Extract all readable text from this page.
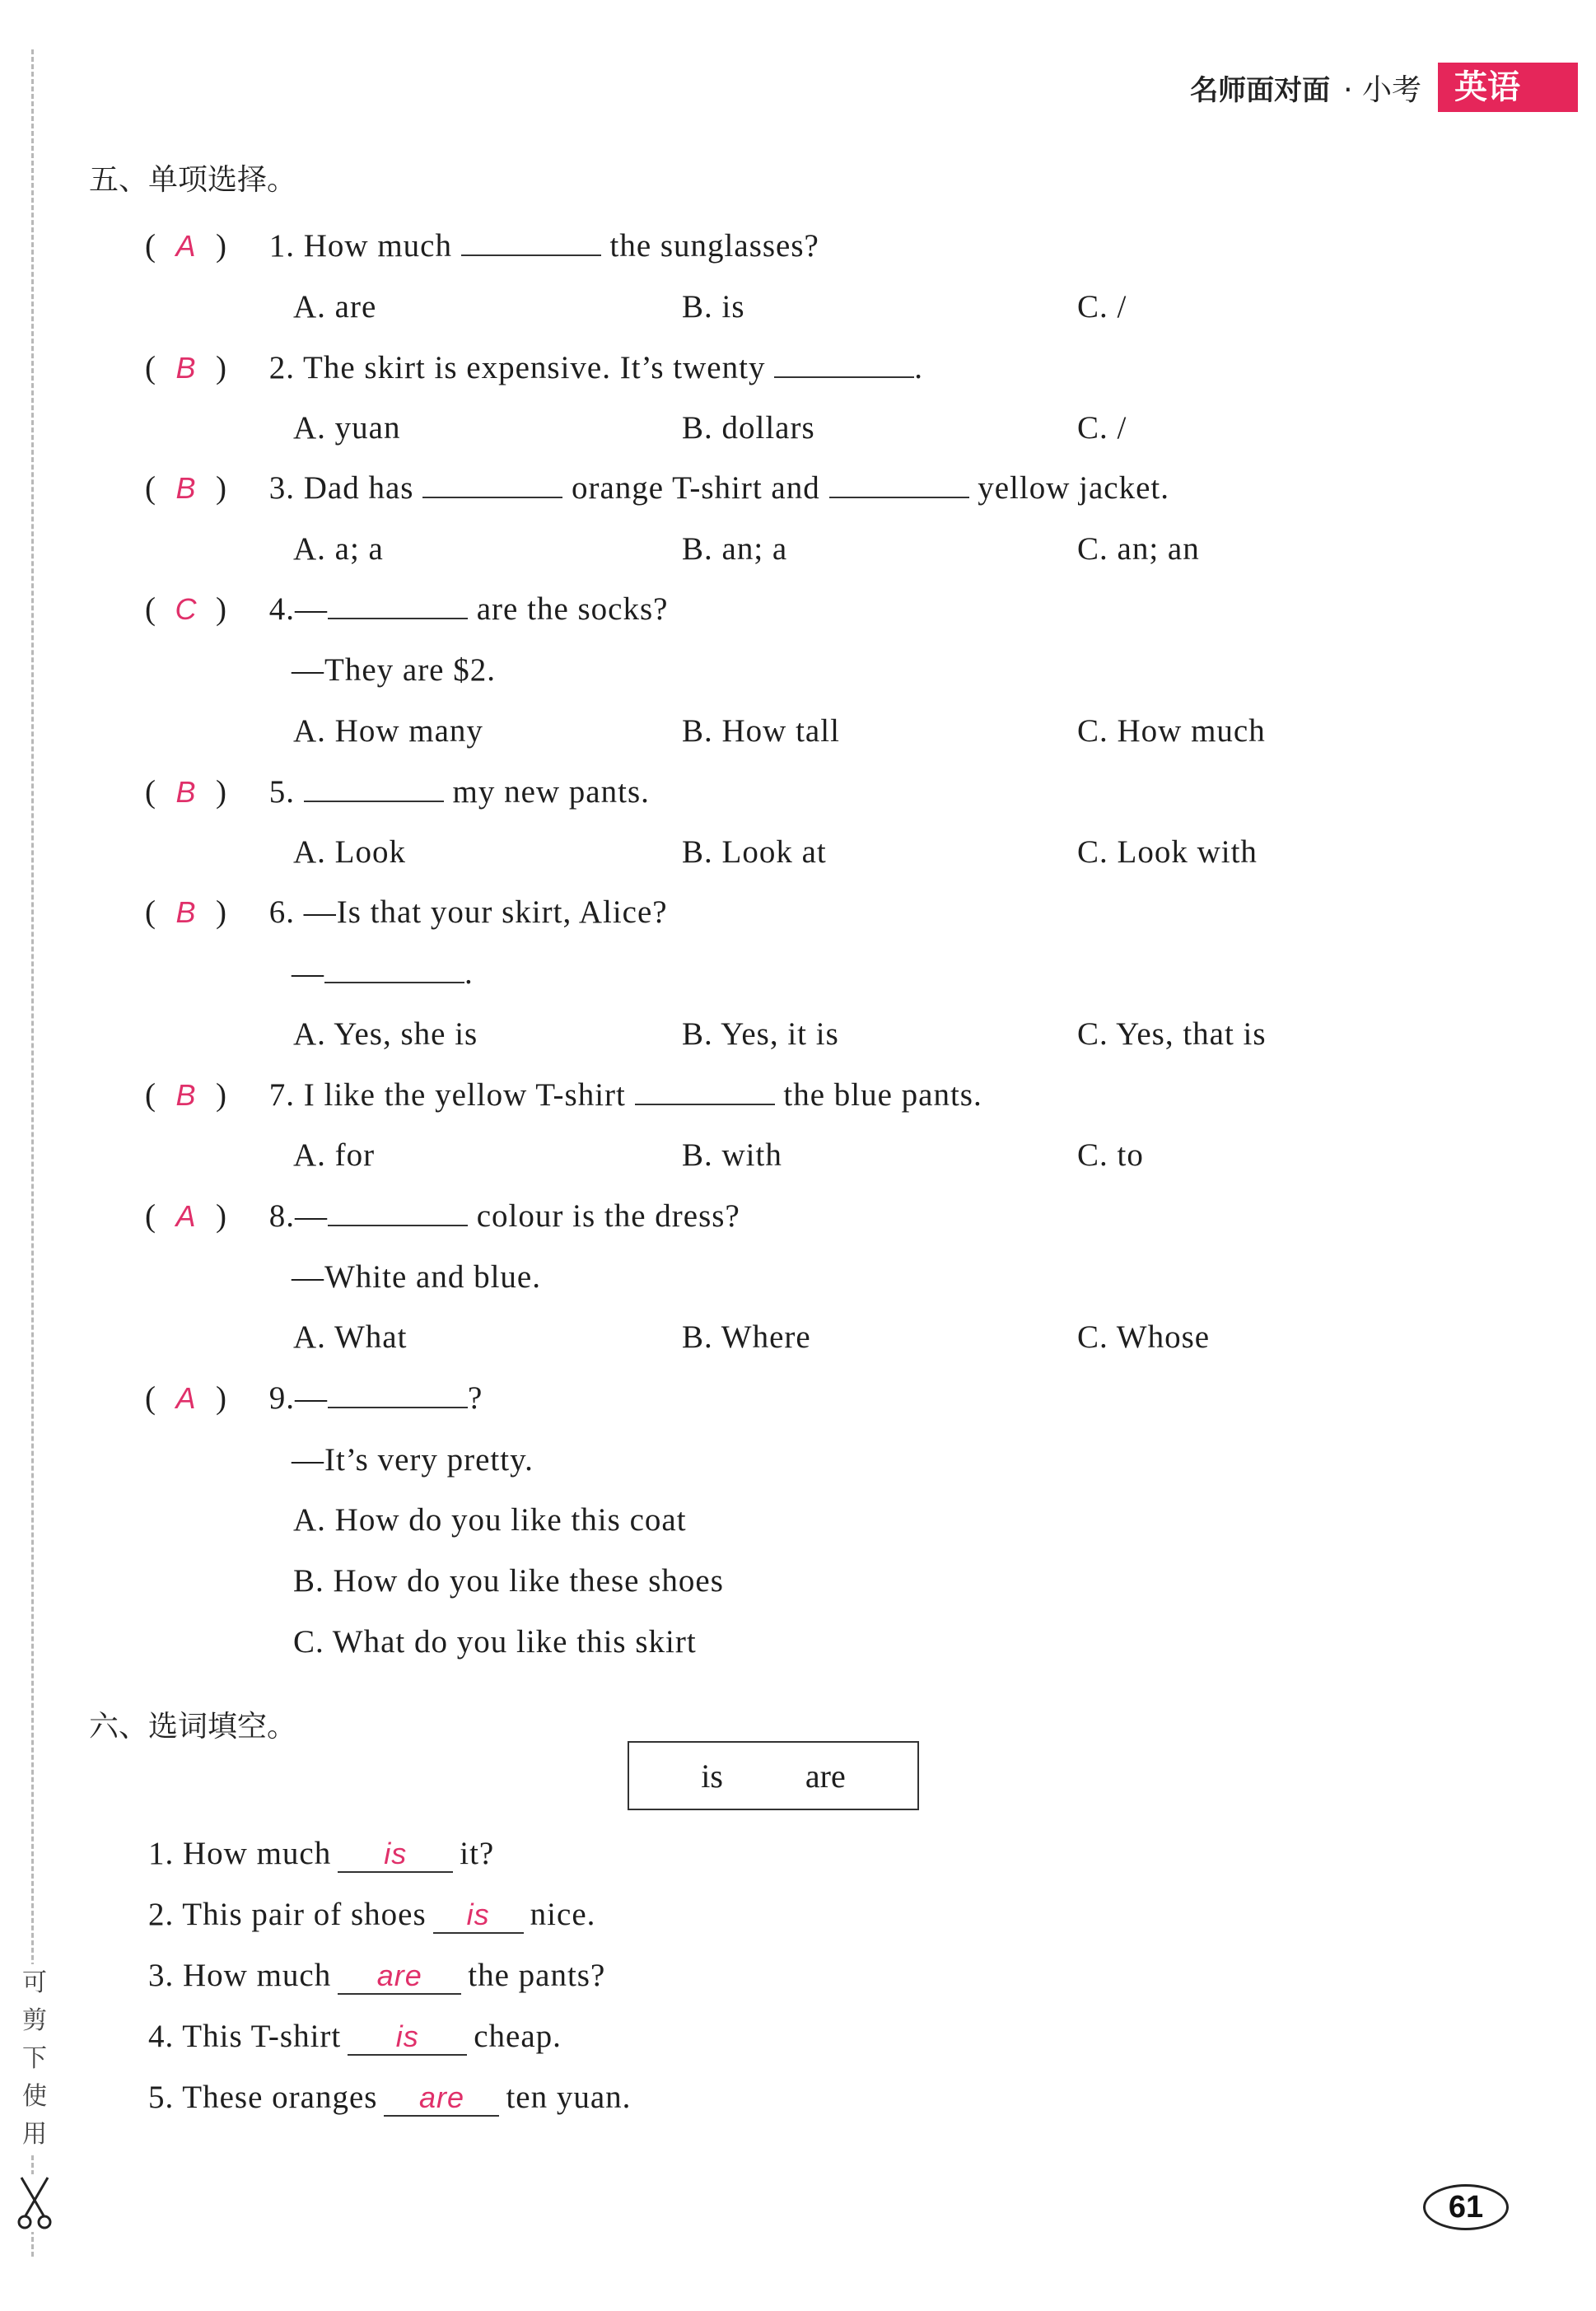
可
剪
下
使
用
名师面对面 · 小考	英语
五、单项选择。
( A ) 1. How much	the sunglasses?
A. are	B. is	C. /
( B ) 2. The skirt is expensive. It’s twenty	.
A. yuan	B. dollars	C. /
( B ) 3. Dad has	orange T-shirt and	yellow jacket.
A. a; a	B. an; a	C. an; an
( C ) 4.—	are the socks?
—They are $2.
A. How many	B. How tall	C. How much
( B ) 5.	my new pants.
A. Look	B. Look at	C. Look with
( B ) 6. —Is that your skirt, Alice?
—	.
A. Yes, she is	B. Yes, it is	C. Yes, that is
( B ) 7. I like the yellow T-shirt	the blue pants.
A. for	B. with	C. to
( A ) 8.—	colour is the dress?
—White and blue.
A. What	B. Where	C. Whose
( A ) 9.—	?
—It’s very pretty.
A. How do you like this coat
B. How do you like these shoes
C. What do you like this skirt
六、选词填空。
is	are
1. How much is it?
2. This pair of shoes is nice.
3. How much are the pants?
4. This T-shirt is cheap.
5. These oranges are ten yuan.
61
